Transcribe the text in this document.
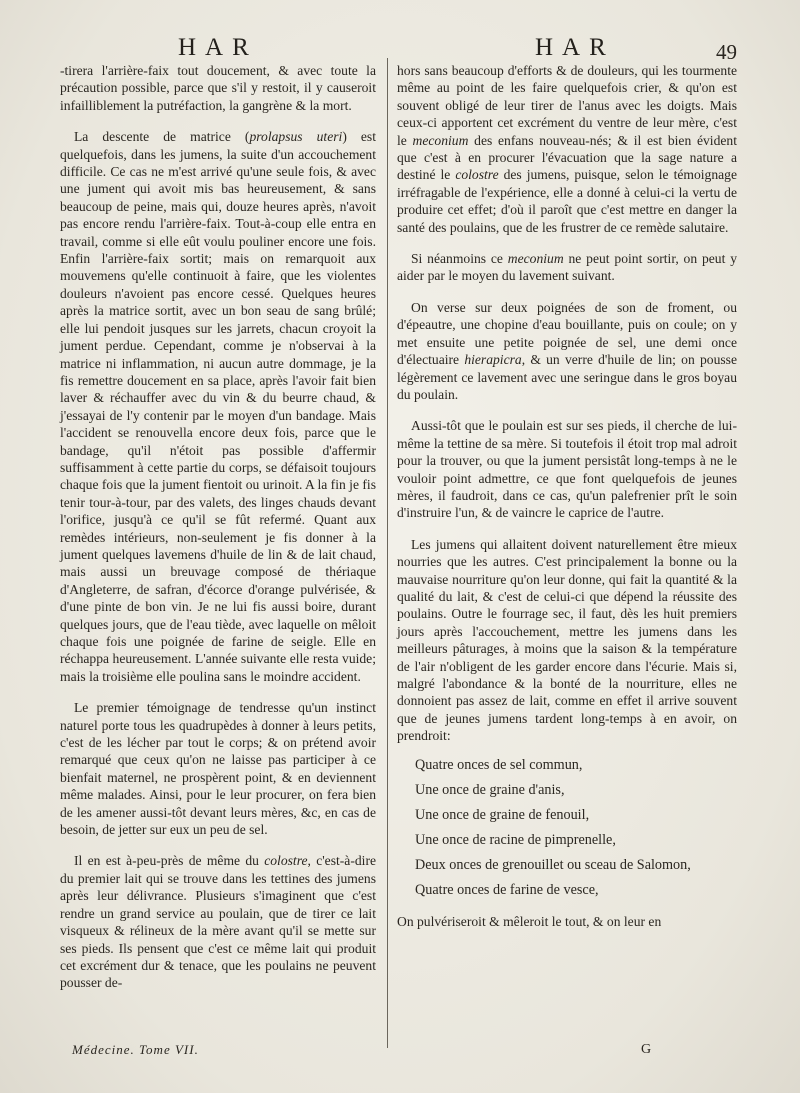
HAR	HAR	49

-tirera l'arrière-faix tout doucement, & avec toute la précaution possible, parce que s'il y restoit, il y causeroit infailliblement la putréfaction, la gangrène & la mort.

La descente de matrice (prolapsus uteri) est quelquefois, dans les jumens, la suite d'un accouchement difficile. Ce cas ne m'est arrivé qu'une seule fois, & avec une jument qui avoit mis bas heureusement, & sans beaucoup de peine, mais qui, douze heures après, n'avoit pas encore rendu l'arrière-faix. Tout-à-coup elle entra en travail, comme si elle eût voulu pouliner encore une fois. Enfin l'arrière-faix sortit; mais on remarquoit aux mouvemens qu'elle continuoit à faire, que les violentes douleurs n'avoient pas encore cessé. Quelques heures après la matrice sortit, avec un bon seau de sang brûlé; elle lui pendoit jusques sur les jarrets, chacun croyoit la jument perdue. Cependant, comme je n'observai à la matrice ni inflammation, ni aucun autre dommage, je la fis remettre doucement en sa place, après l'avoir fait bien laver & réchauffer avec du vin & du beurre chaud, & j'essayai de l'y contenir par le moyen d'un bandage. Mais l'accident se renouvella encore deux fois, parce que le bandage, qu'il n'étoit pas possible d'affermir suffisamment à cette partie du corps, se défaisoit toujours chaque fois que la jument fientoit ou urinoit. A la fin je fis tenir tour-à-tour, par des valets, des linges chauds devant l'orifice, jusqu'à ce qu'il se fût refermé. Quant aux remèdes intérieurs, non-seulement je fis donner à la jument quelques lavemens d'huile de lin & de lait chaud, mais aussi un breuvage composé de thériaque d'Angleterre, de safran, d'écorce d'orange pulvérisée, & d'une pinte de bon vin. Je ne lui fis aussi boire, durant quelques jours, que de l'eau tiède, avec laquelle on mêloit chaque fois une poignée de farine de seigle. Elle en réchappa heureusement. L'année suivante elle resta vuide; mais la troisième elle poulina sans le moindre accident.

Le premier témoignage de tendresse qu'un instinct naturel porte tous les quadrupèdes à donner à leurs petits, c'est de les lécher par tout le corps; & on prétend avoir remarqué que ceux qu'on ne laisse pas participer à ce bienfait maternel, ne prospèrent point, & en deviennent même malades. Ainsi, pour le leur procurer, on fera bien de les amener aussi-tôt devant leurs mères, &c, en cas de besoin, de jetter sur eux un peu de sel.

Il en est à-peu-près de même du colostre, c'est-à-dire du premier lait qui se trouve dans les tettines des jumens après leur délivrance. Plusieurs s'imaginent que c'est rendre un grand service au poulain, que de tirer ce lait visqueux & rélineux de la mère avant qu'il se mette sur ses pieds. Ils pensent que c'est ce même lait qui produit cet excrément dur & tenace, que les poulains ne peuvent pousser de-

hors sans beaucoup d'efforts & de douleurs, qui les tourmente même au point de les faire quelquefois crier, & qu'on est souvent obligé de leur tirer de l'anus avec les doigts. Mais ceux-ci apportent cet excrément du ventre de leur mère, c'est le meconium des enfans nouveau-nés; & il est bien évident que c'est à en procurer l'évacuation que la sage nature a destiné le colostre des jumens, puisque, selon le témoignage irréfragable de l'expérience, elle a donné à celui-ci la vertu de produire cet effet; d'où il paroît que c'est mettre en danger la santé des poulains, que de les frustrer de ce remède salutaire.

Si néanmoins ce meconium ne peut point sortir, on peut y aider par le moyen du lavement suivant.

On verse sur deux poignées de son de froment, ou d'épeautre, une chopine d'eau bouillante, puis on coule; on y met ensuite une petite poignée de sel, une demi once d'électuaire hierapicra, & un verre d'huile de lin; on pousse légèrement ce lavement avec une seringue dans le gros boyau du poulain.

Aussi-tôt que le poulain est sur ses pieds, il cherche de lui-même la tettine de sa mère. Si toutefois il étoit trop mal adroit pour la trouver, ou que la jument persistât long-temps à ne le vouloir point admettre, ce que font quelquefois de jeunes mères, il faudroit, dans ce cas, qu'un palefrenier prît le soin d'instruire l'un, & de vaincre le caprice de l'autre.

Les jumens qui allaitent doivent naturellement être mieux nourries que les autres. C'est principalement la bonne ou la mauvaise nourriture qu'on leur donne, qui fait la quantité & la qualité du lait, & c'est de celui-ci que dépend la réussite des poulains. Outre le fourrage sec, il faut, dès les huit premiers jours après l'accouchement, mettre les jumens dans les meilleurs pâturages, à moins que la saison & la température de l'air n'obligent de les garder encore dans l'écurie. Mais si, malgré l'abondance & la bonté de la nourriture, elles ne donnoient pas assez de lait, comme en effet il arrive souvent que de jeunes jumens tardent long-temps à en avoir, on prendroit:

Quatre onces de sel commun,
Une once de graine d'anis,
Une once de graine de fenouil,
Une once de racine de pimprenelle,
Deux onces de grenouillet ou sceau de Salomon,
Quatre onces de farine de vesce,

On pulvériseroit & mêleroit le tout, & on leur en

Médecine. Tome VII.	G
